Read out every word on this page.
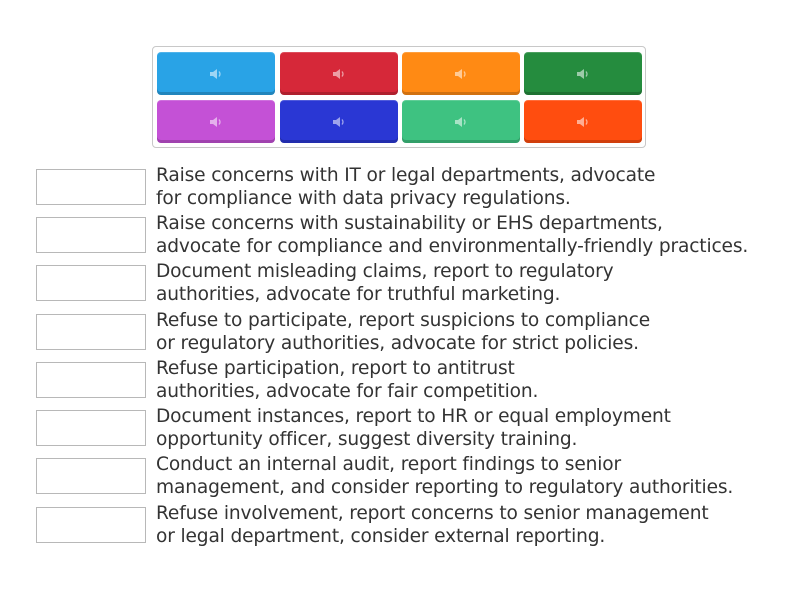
Raise concerns with IT or legal departments, advocate
for compliance with data privacy regulations.
Raise concerns with sustainability or EHS departments,
advocate for compliance and environmentally-friendly practices.
Document misleading claims, report to regulatory
authorities, advocate for truthful marketing.
Refuse to participate, report suspicions to compliance
or regulatory authorities, advocate for strict policies.
Refuse participation, report to antitrust
authorities, advocate for fair competition.
Document instances, report to HR or equal employment
opportunity officer, suggest diversity training.
Conduct an internal audit, report findings to senior
management, and consider reporting to regulatory authorities.
Refuse involvement, report concerns to senior management
or legal department, consider external reporting.
